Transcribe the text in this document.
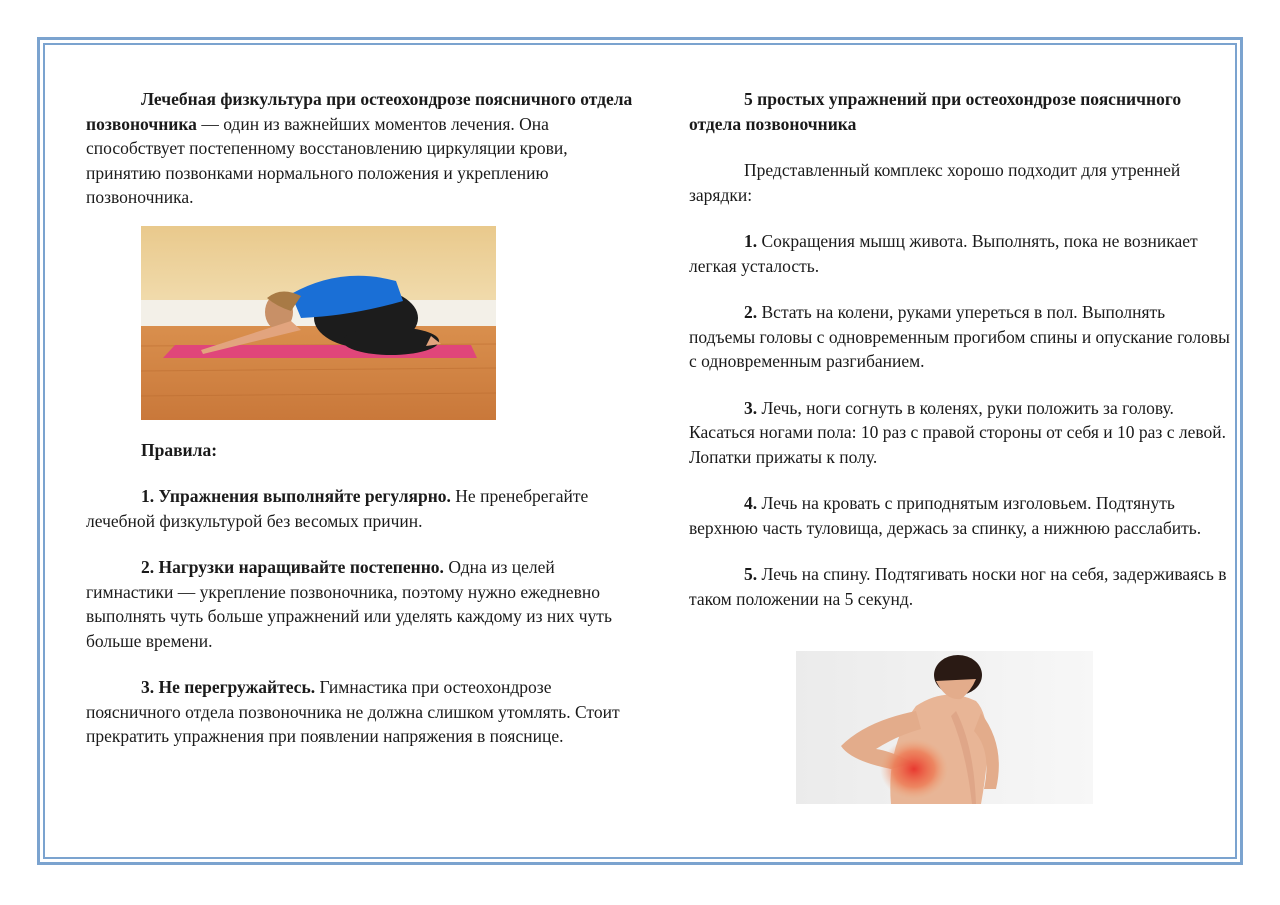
Лечебная физкультура при остеохондрозе поясничного отдела позвоночника — один из важнейших моментов лечения. Она способствует постепенному восстановлению циркуляции крови, принятию позвонками нормального положения и укреплению позвоночника.

Правила:

1. Упражнения выполняйте регулярно. Не пренебрегайте лечебной физкультурой без весомых причин.

2. Нагрузки наращивайте постепенно. Одна из целей гимнастики — укрепление позвоночника, поэтому нужно ежедневно выполнять чуть больше упражнений или уделять каждому из них чуть больше времени.

3. Не перегружайтесь. Гимнастика при остеохондрозе поясничного отдела позвоночника не должна слишком утомлять. Стоит прекратить упражнения при появлении напряжения в пояснице.

5 простых упражнений при остеохондрозе поясничного отдела позвоночника

Представленный комплекс хорошо подходит для утренней зарядки:

1. Сокращения мышц живота. Выполнять, пока не возникает легкая усталость.

2. Встать на колени, руками упереться в пол. Выполнять подъемы головы с одновременным прогибом спины и опускание головы с одновременным разгибанием.

3. Лечь, ноги согнуть в коленях, руки положить за голову. Касаться ногами пола: 10 раз с правой стороны от себя и 10 раз с левой. Лопатки прижаты к полу.

4. Лечь на кровать с приподнятым изголовьем. Подтянуть верхнюю часть туловища, держась за спинку, а нижнюю расслабить.

5. Лечь на спину. Подтягивать носки ног на себя, задерживаясь в таком положении на 5 секунд.
